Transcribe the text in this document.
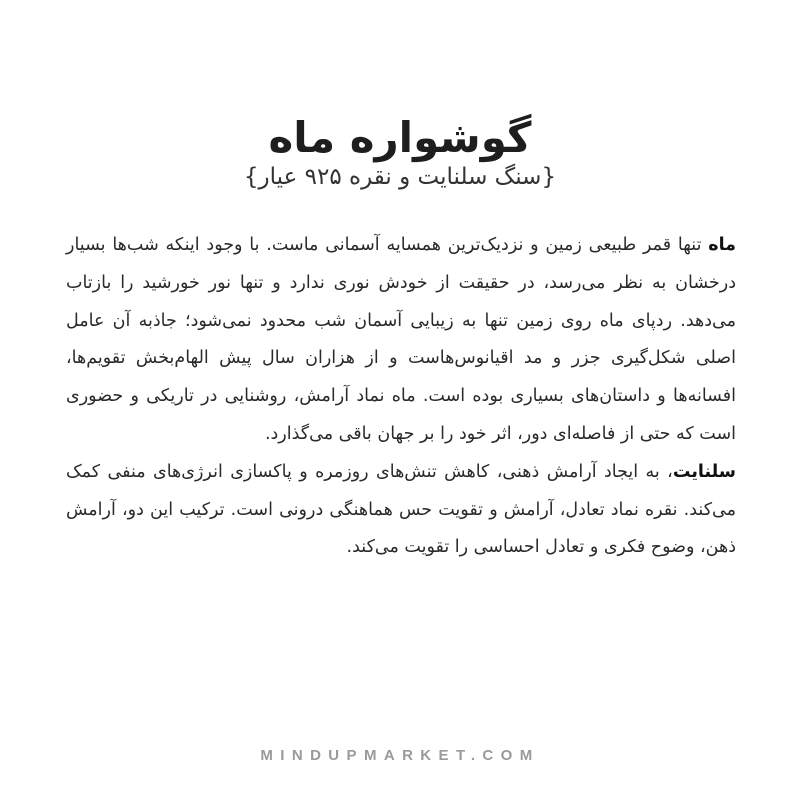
گوشواره ماه
{سنگ سلنایت و نقره ۹۲۵ عیار}

ماه تنها قمر طبیعی زمین و نزدیک‌ترین همسایه آسمانی ماست. با وجود اینکه شب‌ها بسیار درخشان به نظر می‌رسد، در حقیقت از خودش نوری ندارد و تنها نور خورشید را بازتاب می‌دهد. ردپای ماه روی زمین تنها به زیبایی آسمان شب محدود نمی‌شود؛ جاذبه آن عامل اصلی شکل‌گیری جزر و مد اقیانوس‌هاست و از هزاران سال پیش الهام‌بخش تقویم‌ها، افسانه‌ها و داستان‌های بسیاری بوده است. ماه نماد آرامش، روشنایی در تاریکی و حضوری است که حتی از فاصله‌ای دور، اثر خود را بر جهان باقی می‌گذارد.

سلنایت، به ایجاد آرامش ذهنی، کاهش تنش‌های روزمره و پاکسازی انرژی‌های منفی کمک می‌کند. نقره نماد تعادل، آرامش و تقویت حس هماهنگی درونی است. ترکیب این دو، آرامش ذهن، وضوح فکری و تعادل احساسی را تقویت می‌کند.

MINDUPMARKET.COM
